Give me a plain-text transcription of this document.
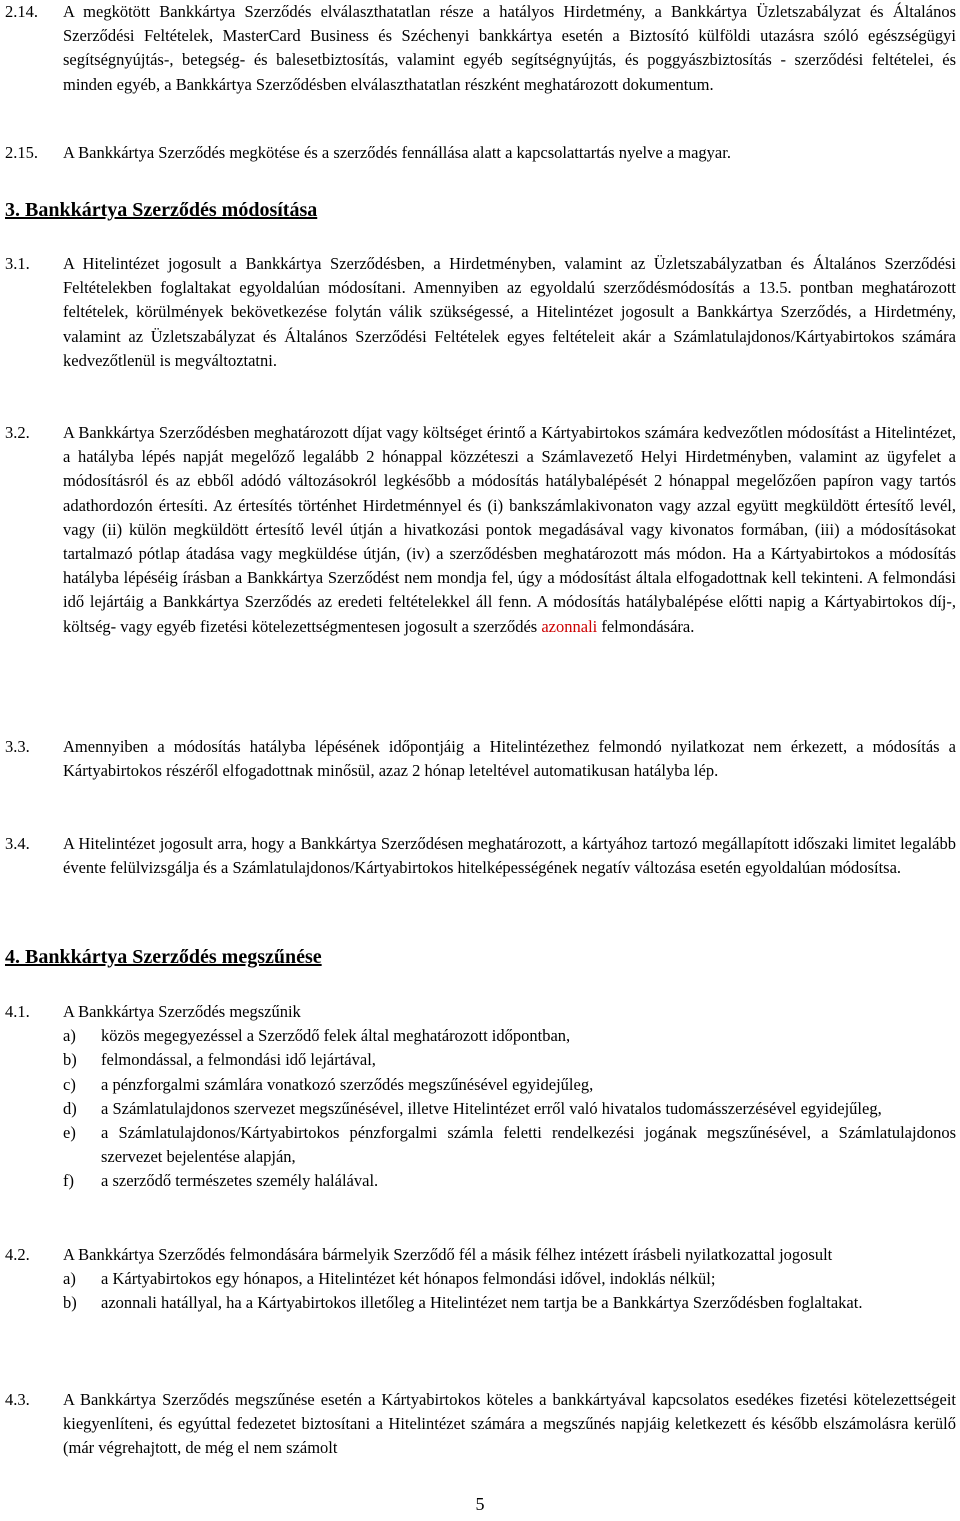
2.14. A megkötött Bankkártya Szerződés elválaszthatatlan része a hatályos Hirdetmény, a Bankkártya Üzletszabályzat és Általános Szerződési Feltételek, MasterCard Business és Széchenyi bankkártya esetén a Biztosító külföldi utazásra szóló egészségügyi segítségnyújtás-, betegség- és balesetbiztosítás, valamint egyéb segítségnyújtás, és poggyászbiztosítás - szerződési feltételei, és minden egyéb, a Bankkártya Szerződésben elválaszthatatlan részként meghatározott dokumentum.
2.15. A Bankkártya Szerződés megkötése és a szerződés fennállása alatt a kapcsolattartás nyelve a magyar.
3. Bankkártya Szerződés módosítása
3.1. A Hitelintézet jogosult a Bankkártya Szerződésben, a Hirdetményben, valamint az Üzletszabályzatban és Általános Szerződési Feltételekben foglaltakat egyoldalúan módosítani. Amennyiben az egyoldalú szerződésmódosítás a 13.5. pontban meghatározott feltételek, körülmények bekövetkezése folytán válik szükségessé, a Hitelintézet jogosult a Bankkártya Szerződés, a Hirdetmény, valamint az Üzletszabályzat és Általános Szerződési Feltételek egyes feltételeit akár a Számlatulajdonos/Kártyabirtokos számára kedvezőtlenül is megváltoztatni.
3.2. A Bankkártya Szerződésben meghatározott díjat vagy költséget érintő a Kártyabirtokos számára kedvezőtlen módosítást a Hitelintézet, a hatályba lépés napját megelőző legalább 2 hónappal közzéteszi a Számlavezető Helyi Hirdetményben, valamint az ügyfelet a módosításról és az ebből adódó változásokról legkésőbb a módosítás hatálybalépését 2 hónappal megelőzően papíron vagy tartós adathordozón értesíti. Az értesítés történhet Hirdetménnyel és (i) bankszámlakivonaton vagy azzal együtt megküldött értesítő levél, vagy (ii) külön megküldött értesítő levél útján a hivatkozási pontok megadásával vagy kivonatos formában, (iii) a módosításokat tartalmazó pótlap átadása vagy megküldése útján, (iv) a szerződésben meghatározott más módon. Ha a Kártyabirtokos a módosítás hatályba lépéséig írásban a Bankkártya Szerződést nem mondja fel, úgy a módosítást általa elfogadottnak kell tekinteni. A felmondási idő lejártáig a Bankkártya Szerződés az eredeti feltételekkel áll fenn. A módosítás hatálybalépése előtti napig a Kártyabirtokos díj-, költség- vagy egyéb fizetési kötelezettségmentesen jogosult a szerződés azonnali felmondására.
3.3. Amennyiben a módosítás hatályba lépésének időpontjáig a Hitelintézethez felmondó nyilatkozat nem érkezett, a módosítás a Kártyabirtokos részéről elfogadottnak minősül, azaz 2 hónap leteltével automatikusan hatályba lép.
3.4. A Hitelintézet jogosult arra, hogy a Bankkártya Szerződésen meghatározott, a kártyához tartozó megállapított időszaki limitet legalább évente felülvizsgálja és a Számlatulajdonos/Kártyabirtokos hitelképességének negatív változása esetén egyoldalúan módosítsa.
4. Bankkártya Szerződés megszűnése
4.1. A Bankkártya Szerződés megszűnik
a) közös megegyezéssel a Szerződő felek által meghatározott időpontban,
b) felmondással, a felmondási idő lejártával,
c) a pénzforgalmi számlára vonatkozó szerződés megszűnésével egyidejűleg,
d) a Számlatulajdonos szervezet megszűnésével, illetve Hitelintézet erről való hivatalos tudomásszerzésével egyidejűleg,
e) a Számlatulajdonos/Kártyabirtokos pénzforgalmi számla feletti rendelkezési jogának megszűnésével, a Számlatulajdonos szervezet bejelentése alapján,
f) a szerződő természetes személy halálával.
4.2. A Bankkártya Szerződés felmondására bármelyik Szerződő fél a másik félhez intézett írásbeli nyilatkozattal jogosult
a) a Kártyabirtokos egy hónapos, a Hitelintézet két hónapos felmondási idővel, indoklás nélkül;
b) azonnali hatállyal, ha a Kártyabirtokos illetőleg a Hitelintézet nem tartja be a Bankkártya Szerződésben foglaltakat.
4.3. A Bankkártya Szerződés megszűnése esetén a Kártyabirtokos köteles a bankkártyával kapcsolatos esedékes fizetési kötelezettségeit kiegyenlíteni, és egyúttal fedezetet biztosítani a Hitelintézet számára a megszűnés napjáig keletkezett és később elszámolásra kerülő (már végrehajtott, de még el nem számolt
5
